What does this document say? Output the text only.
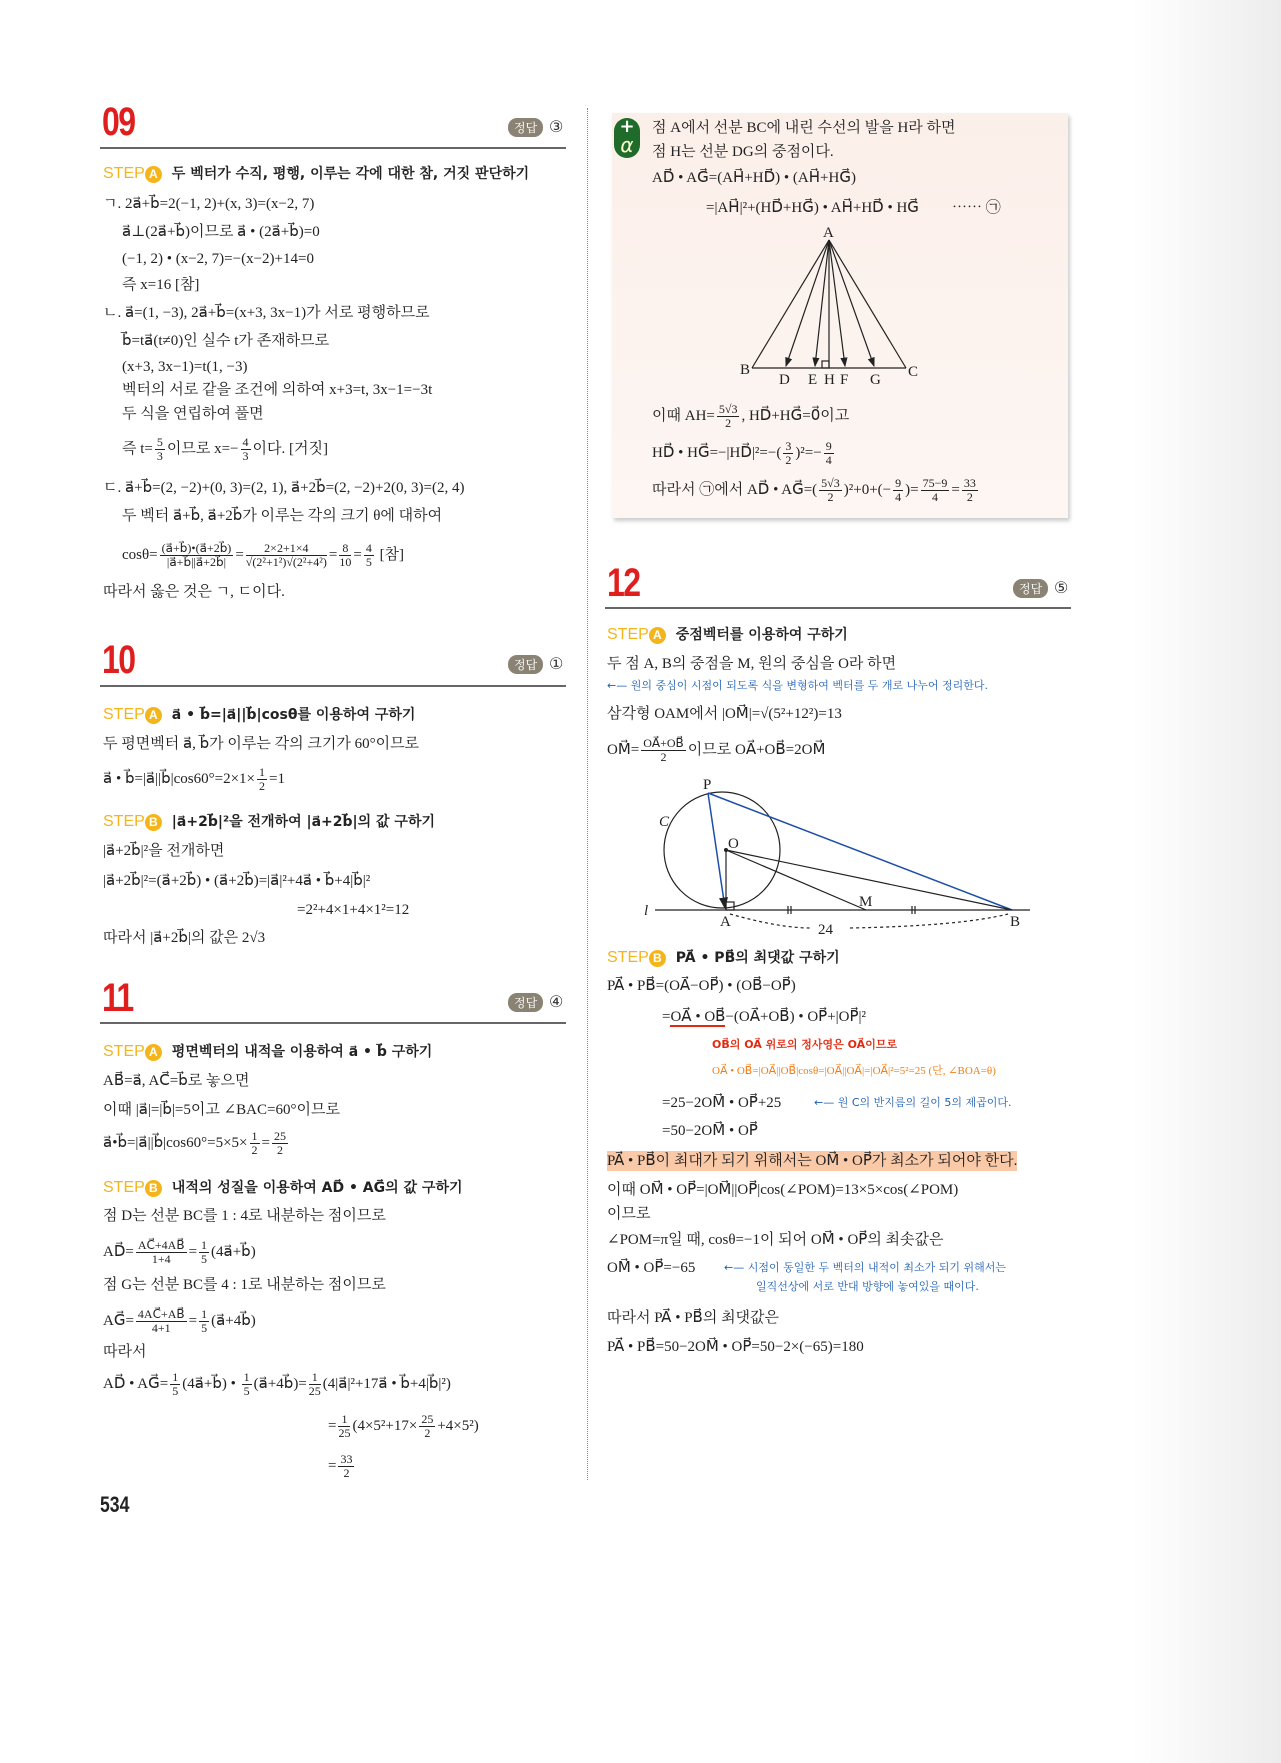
09	정답 ③
STEP A 두 벡터가 수직, 평행, 이루는 각에 대한 참, 거짓 판단하기
ㄱ. 2a⃗+b⃗=2(−1, 2)+(x, 3)=(x−2, 7)
a⃗⊥(2a⃗+b⃗)이므로 a⃗ • (2a⃗+b⃗)=0
(−1, 2) • (x−2, 7)=−(x−2)+14=0
즉 x=16 [참]
ㄴ. a⃗=(1, −3), 2a⃗+b⃗=(x+3, 3x−1)가 서로 평행하므로
b⃗=ta⃗(t≠0)인 실수 t가 존재하므로
(x+3, 3x−1)=t(1, −3)
벡터의 서로 같을 조건에 의하여 x+3=t, 3x−1=−3t
두 식을 연립하여 풀면
즉 $t= \frac{5}{3}$ 이므로 $x=- \frac{4}{3}$ 이다. [거짓]
ㄷ. a⃗+b⃗=(2, −2)+(0, 3)=(2, 1), a⃗+2b⃗=(2, −2)+2(0, 3)=(2, 4)
두 벡터 a⃗+b⃗, a⃗+2b⃗가 이루는 각의 크기 θ에 대하여
$\cos\theta= \frac{(a⃗+b⃗)•(a⃗+2b⃗)}{|a⃗+b⃗||a⃗+2b⃗|} = \frac{2\times 2+1\times 4}{\text{√(2²+1²)√(2²+4²)}} = \frac{8}{10} = \frac{4}{5}$ [참]
따라서 옳은 것은 ㄱ, ㄷ이다.
10	정답 ①
STEP A a⃗ • b⃗=|a⃗||b⃗|cosθ를 이용하여 구하기
두 평면벡터 a⃗, b⃗가 이루는 각의 크기가 60°이므로
a⃗ • b⃗=|a⃗||b⃗|cos60°=2×1× $\frac{1}{2} =1$
STEP B |a⃗+2b⃗|²을 전개하여 |a⃗+2b⃗|의 값 구하기
|a⃗+2b⃗|²을 전개하면
|a⃗+2b⃗|²=(a⃗+2b⃗) • (a⃗+2b⃗)=|a⃗|²+4a⃗ • b⃗+4|b⃗|²
=2²+4×1+4×1²=12
따라서 |a⃗+2b⃗|의 값은 2√3
11	정답 ④
STEP A 평면벡터의 내적을 이용하여 a⃗ • b⃗ 구하기
AB⃗=a⃗, AC⃗=b⃗로 놓으면
이때 |a⃗|=|b⃗|=5이고 ∠BAC=60°이므로
a⃗•b⃗=|a⃗||b⃗|cos60°=5×5× $\frac{1}{2} = \frac{25}{2}$
STEP B 내적의 성질을 이용하여 AD⃗ • AG⃗의 값 구하기
점 D는 선분 BC를 1 : 4로 내분하는 점이므로
AD⃗= $\frac{AC⃗+4AB⃗}{1+4} = \frac{1}{5}$ (4a⃗+b⃗)
점 G는 선분 BC를 4 : 1로 내분하는 점이므로
AG⃗= $\frac{4AC⃗+AB⃗}{4+1} = \frac{1}{5}$ (a⃗+4b⃗)
따라서
AD⃗ • AG⃗= $\frac{1}{5}$ (4a⃗+b⃗) • $\frac{1}{5}$ (a⃗+4b⃗)= $\frac{1}{25}$ (4|a⃗|²+17a⃗ • b⃗+4|b⃗|²)
= $\frac{1}{25} (4\times 5^2+17\times \frac{25}{2} +4\times 5^2)$
= $\frac{33}{2}$
534
+
α
점 A에서 선분 BC에 내린 수선의 발을 H라 하면
점 H는 선분 DG의 중점이다.
AD⃗ • AG⃗=(AH⃗+HD⃗) • (AH⃗+HG⃗)
=|AH⃗|²+(HD⃗+HG⃗) • AH⃗+HD⃗ • HG⃗ ⋯⋯ ㉠
이때 $AH= \frac{5√3}{2}$ , HD⃗+HG⃗=0⃗이고
HD⃗ • HG⃗=−|HD⃗|²=−( $\frac{3}{2} )^2=- \frac{9}{4}$
따라서 ㉠에서 AD⃗ • AG⃗=( $\frac{5√3}{2} )^2+0+(- \frac{9}{4}$ )= $\frac{75-9}{4} = \frac{33}{2}$
12	정답 ⑤
STEP A 중점벡터를 이용하여 구하기
두 점 A, B의 중점을 M, 원의 중심을 O라 하면
←— 원의 중심이 시점이 되도록 식을 변형하여 벡터를 두 개로 나누어 정리한다.
삼각형 OAM에서 |OM⃗|=√(5²+12²)=13
OM⃗= $\frac{OA⃗+OB⃗}{2}$ 이므로 OA⃗+OB⃗=2OM⃗
STEP B PA⃗ • PB⃗의 최댓값 구하기
PA⃗ • PB⃗=(OA⃗−OP⃗) • (OB⃗−OP⃗)
=OA⃗ • OB⃗−(OA⃗+OB⃗) • OP⃗+|OP⃗|²
OB⃗의 OA⃗ 위로의 정사영은 OA⃗이므로
OA⃗ • OB⃗=|OA⃗||OB⃗|cosθ=|OA⃗||OA⃗|=|OA⃗|²=5²=25 (단, ∠BOA=θ)
=25−2OM⃗ • OP⃗+25	←— 원 C의 반지름의 길이 5의 제곱이다.
=50−2OM⃗ • OP⃗
PA⃗ • PB⃗이 최대가 되기 위해서는 OM⃗ • OP⃗가 최소가 되어야 한다.
이때 OM⃗ • OP⃗=|OM⃗||OP⃗|cos(∠POM)=13×5×cos(∠POM)
이므로
∠POM=π일 때, cosθ=−1이 되어 OM⃗ • OP⃗의 최솟값은
OM⃗ • OP⃗=−65	←— 시점이 동일한 두 벡터의 내적이 최소가 되기 위해서는
일직선상에 서로 반대 방향에 놓여있을 때이다.
따라서 PA⃗ • PB⃗의 최댓값은
PA⃗ • PB⃗=50−2OM⃗ • OP⃗=50−2×(−65)=180
A
B
D E H F G C
P
C
O
l
A
M
B
24
